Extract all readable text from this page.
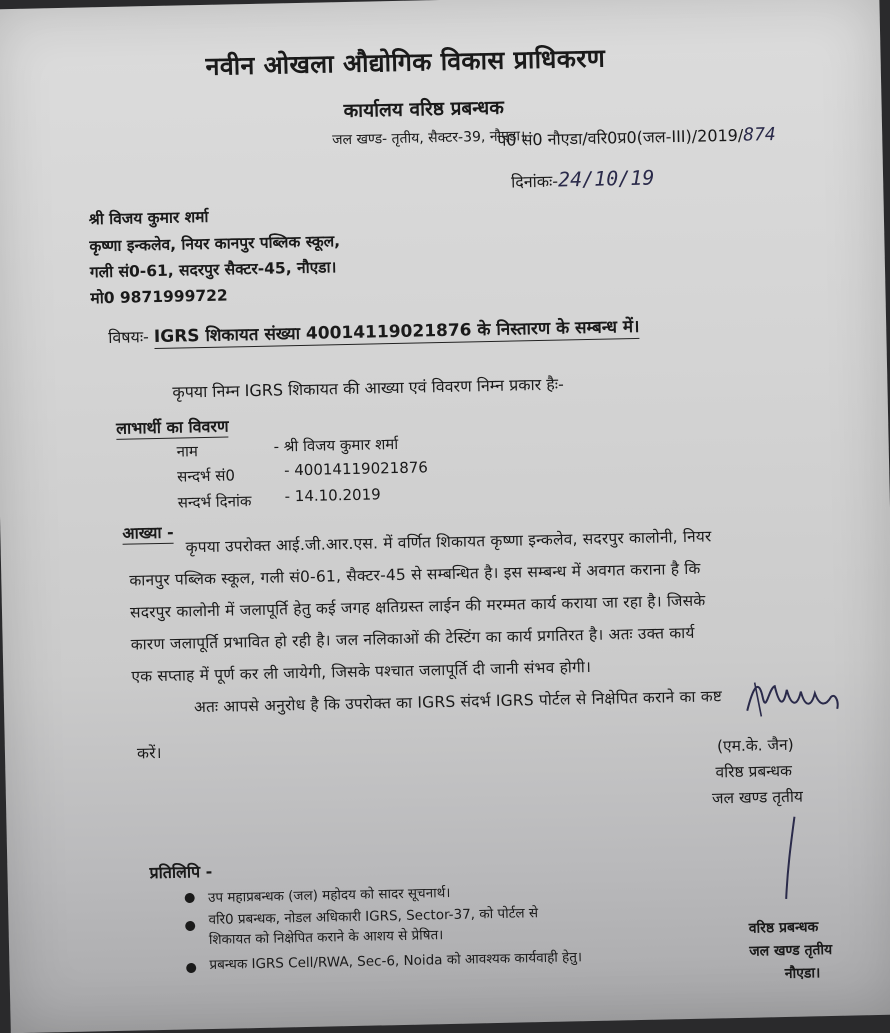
नवीन ओखला औद्योगिक विकास प्राधिकरण
कार्यालय वरिष्ठ प्रबन्धक
जल खण्ड- तृतीय, सैक्टर-39, नौएडा।
प0 सं0 नौएडा/वरि0प्र0(जल-III)/2019/874
दिनांकः-24/10/19
श्री विजय कुमार शर्मा
कृष्णा इन्कलेव, नियर कानपुर पब्लिक स्कूल,
गली सं0-61, सदरपुर सैक्टर-45, नौएडा।
मो0 9871999722
विषयः- IGRS शिकायत संख्या 40014119021876 के निस्तारण के सम्बन्ध में।
कृपया निम्न IGRS शिकायत की आख्या एवं विवरण निम्न प्रकार हैः-
लाभार्थी का विवरण
नाम	- श्री विजय कुमार शर्मा
सन्दर्भ सं0	- 40014119021876
सन्दर्भ दिनांक - 14.10.2019
आख्या - कृपया उपरोक्त आई.जी.आर.एस. में वर्णित शिकायत कृष्णा इन्कलेव, सदरपुर कालोनी, नियर
कानपुर पब्लिक स्कूल, गली सं0-61, सैक्टर-45 से सम्बन्धित है। इस सम्बन्ध में अवगत कराना है कि
सदरपुर कालोनी में जलापूर्ति हेतु कई जगह क्षतिग्रस्त लाईन की मरम्मत कार्य कराया जा रहा है। जिसके
कारण जलापूर्ति प्रभावित हो रही है। जल नलिकाओं की टेस्टिंग का कार्य प्रगतिरत है। अतः उक्त कार्य
एक सप्ताह में पूर्ण कर ली जायेगी, जिसके पश्चात जलापूर्ति दी जानी संभव होगी।
अतः आपसे अनुरोध है कि उपरोक्त का IGRS संदर्भ IGRS पोर्टल से निक्षेपित कराने का कष्ट
करें।	(एम.के. जैन)
वरिष्ठ प्रबन्धक
जल खण्ड तृतीय
प्रतिलिपि -
● उप महाप्रबन्धक (जल) महोदय को सादर सूचनार्थ।
● वरि0 प्रबन्धक, नोडल अधिकारी IGRS, Sector-37, को पोर्टल से
शिकायत को निक्षेपित कराने के आशय से प्रेषित।
● प्रबन्धक IGRS Cell/RWA, Sec-6, Noida को आवश्यक कार्यवाही हेतु।
वरिष्ठ प्रबन्धक
जल खण्ड तृतीय
नौएडा।
